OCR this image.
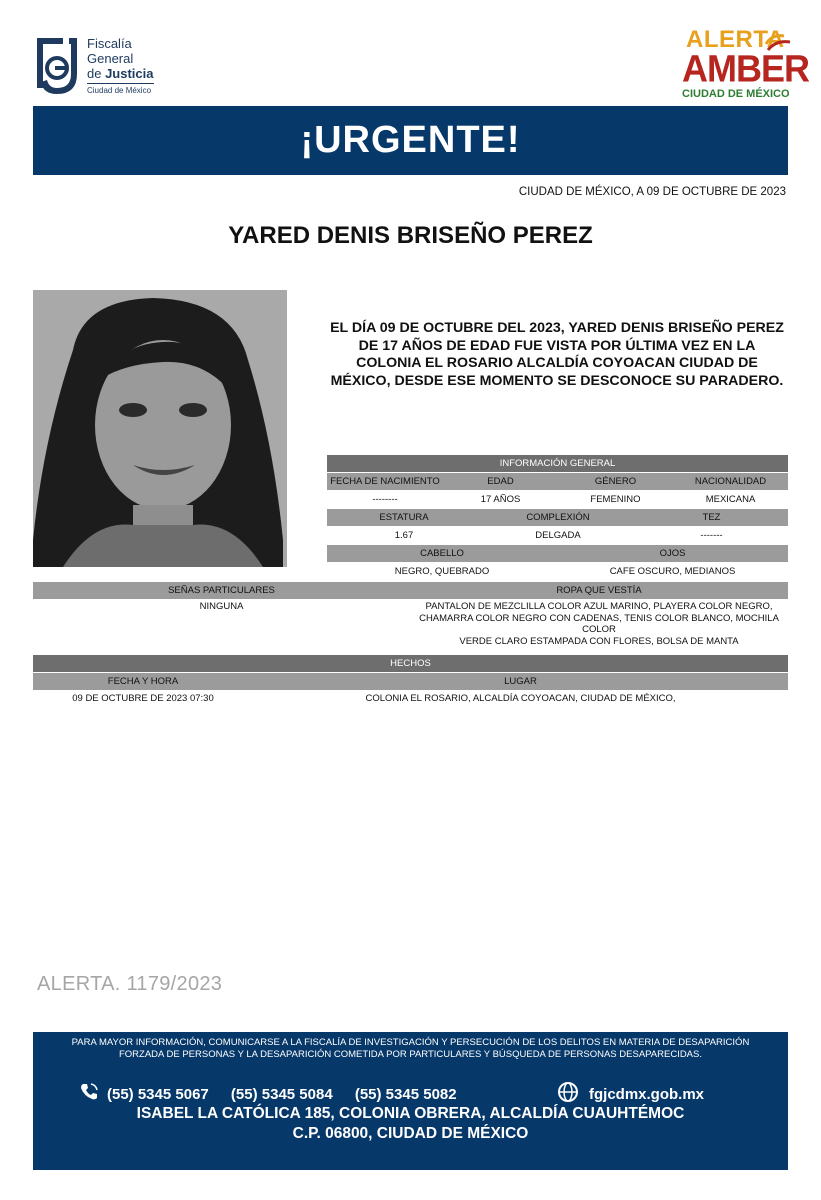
Fiscalía
General
de Justicia
Ciudad de México
ALERTA
AMBER
CIUDAD DE MÉXICO
¡URGENTE!
CIUDAD DE MÉXICO, A 09 DE OCTUBRE DE 2023
YARED DENIS BRISEÑO PEREZ
EL DÍA 09 DE OCTUBRE DEL 2023, YARED DENIS BRISEÑO PEREZ DE 17 AÑOS DE EDAD FUE VISTA POR ÚLTIMA VEZ EN LA COLONIA EL ROSARIO ALCALDÍA COYOACAN CIUDAD DE MÉXICO, DESDE ESE MOMENTO SE DESCONOCE SU PARADERO.
INFORMACIÓN GENERAL
FECHA DE NACIMIENTO	EDAD	GÉNERO	NACIONALIDAD
--------	17 AÑOS	FEMENINO	MEXICANA
ESTATURA	COMPLEXIÓN	TEZ
1.67	DELGADA	-------
CABELLO	OJOS
NEGRO, QUEBRADO	CAFE OSCURO, MEDIANOS
SEÑAS PARTICULARES	ROPA QUE VESTÍA
NINGUNA	PANTALON DE MEZCLILLA COLOR AZUL MARINO, PLAYERA COLOR NEGRO,
CHAMARRA COLOR NEGRO CON CADENAS, TENIS COLOR BLANCO, MOCHILA COLOR
VERDE CLARO ESTAMPADA CON FLORES, BOLSA DE MANTA
HECHOS
FECHA Y HORA	LUGAR
09 DE OCTUBRE DE 2023 07:30	COLONIA EL ROSARIO, ALCALDÍA COYOACAN, CIUDAD DE MÉXICO,
ALERTA. 1179/2023
PARA MAYOR INFORMACIÓN, COMUNICARSE A LA FISCALÍA DE INVESTIGACIÓN Y PERSECUCIÓN DE LOS DELITOS EN MATERIA DE DESAPARICIÓN
FORZADA DE PERSONAS Y LA DESAPARICIÓN COMETIDA POR PARTICULARES Y BÚSQUEDA DE PERSONAS DESAPARECIDAS.
(55) 5345 5067 (55) 5345 5084 (55) 5345 5082	fgjcdmx.gob.mx
ISABEL LA CATÓLICA 185, COLONIA OBRERA, ALCALDÍA CUAUHTÉMOC
C.P. 06800, CIUDAD DE MÉXICO
